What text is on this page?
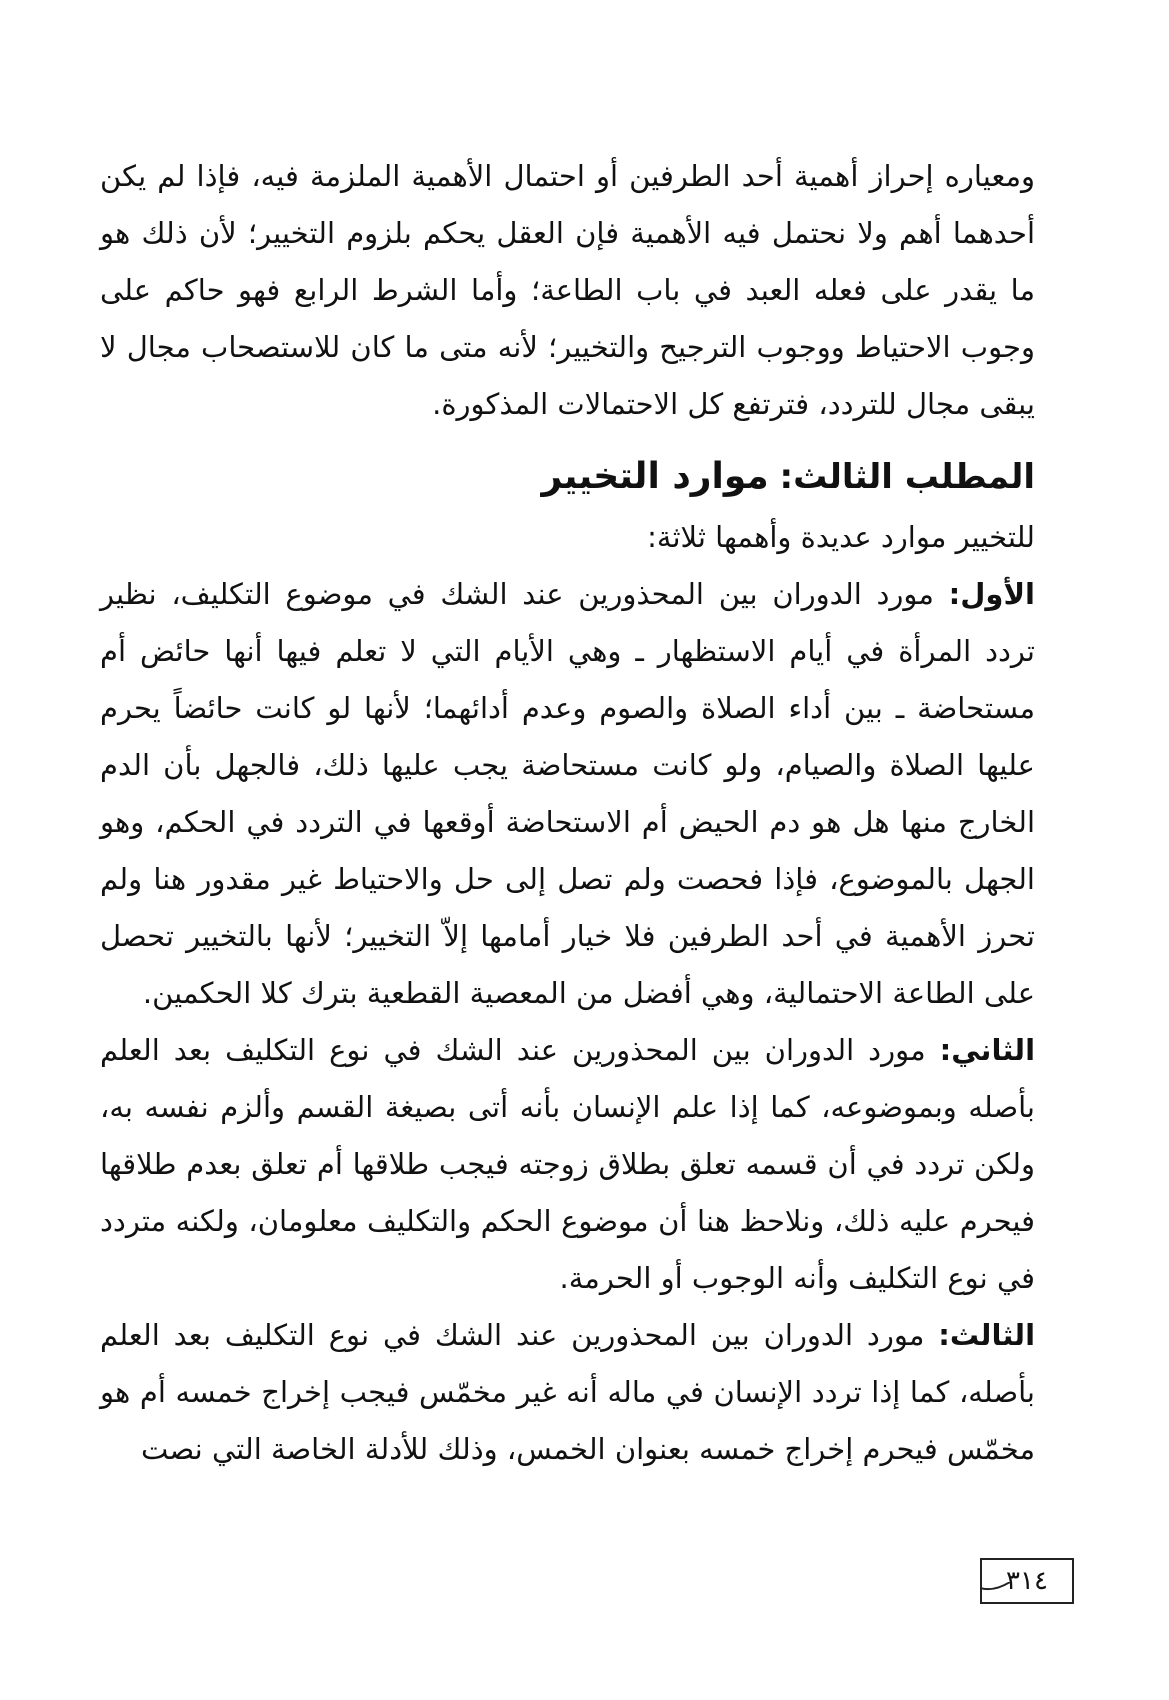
ومعياره إحراز أهمية أحد الطرفين أو احتمال الأهمية الملزمة فيه، فإذا لم يكن أحدهما أهم ولا نحتمل فيه الأهمية فإن العقل يحكم بلزوم التخيير؛ لأن ذلك هو ما يقدر على فعله العبد في باب الطاعة؛ وأما الشرط الرابع فهو حاكم على وجوب الاحتياط ووجوب الترجيح والتخيير؛ لأنه متى ما كان للاستصحاب مجال لا يبقى مجال للتردد، فترتفع كل الاحتمالات المذكورة.

المطلب الثالث: موارد التخيير

للتخيير موارد عديدة وأهمها ثلاثة:

الأول: مورد الدوران بين المحذورين عند الشك في موضوع التكليف، نظير تردد المرأة في أيام الاستظهار ـ وهي الأيام التي لا تعلم فيها أنها حائض أم مستحاضة ـ بين أداء الصلاة والصوم وعدم أدائهما؛ لأنها لو كانت حائضاً يحرم عليها الصلاة والصيام، ولو كانت مستحاضة يجب عليها ذلك، فالجهل بأن الدم الخارج منها هل هو دم الحيض أم الاستحاضة أوقعها في التردد في الحكم، وهو الجهل بالموضوع، فإذا فحصت ولم تصل إلى حل والاحتياط غير مقدور هنا ولم تحرز الأهمية في أحد الطرفين فلا خيار أمامها إلاّ التخيير؛ لأنها بالتخيير تحصل على الطاعة الاحتمالية، وهي أفضل من المعصية القطعية بترك كلا الحكمين.

الثاني: مورد الدوران بين المحذورين عند الشك في نوع التكليف بعد العلم بأصله وبموضوعه، كما إذا علم الإنسان بأنه أتى بصيغة القسم وألزم نفسه به، ولكن تردد في أن قسمه تعلق بطلاق زوجته فيجب طلاقها أم تعلق بعدم طلاقها فيحرم عليه ذلك، ونلاحظ هنا أن موضوع الحكم والتكليف معلومان، ولكنه متردد في نوع التكليف وأنه الوجوب أو الحرمة.

الثالث: مورد الدوران بين المحذورين عند الشك في نوع التكليف بعد العلم بأصله، كما إذا تردد الإنسان في ماله أنه غير مخمّس فيجب إخراج خمسه أم هو مخمّس فيحرم إخراج خمسه بعنوان الخمس، وذلك للأدلة الخاصة التي نصت

٣١٤
